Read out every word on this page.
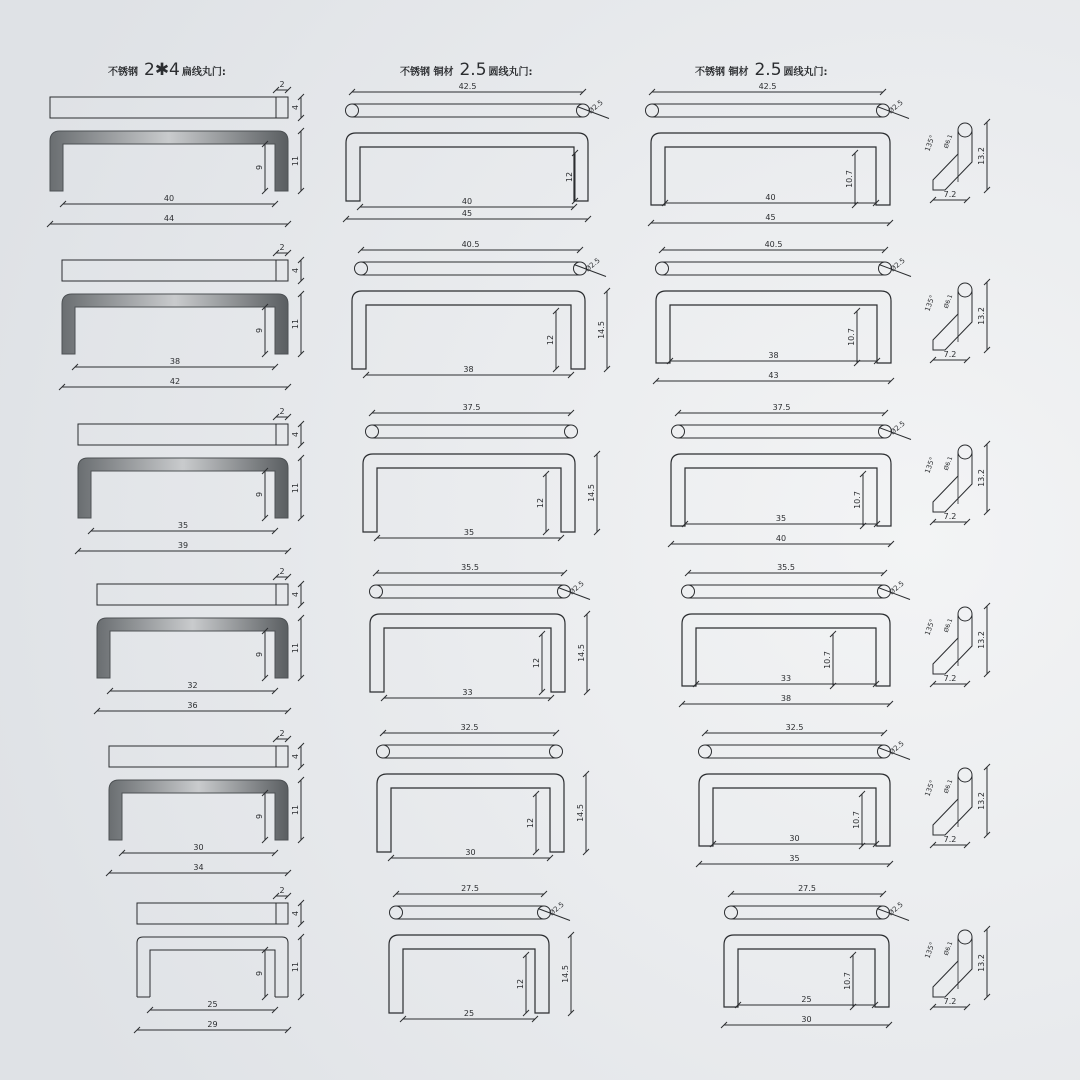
不锈钢 2✱4 扁线丸门:	不锈钢 铜材 2.5 圆线丸门:	不锈钢 铜材 2.5 圆线丸门:
4
2
9
11
40
44
4
2
9
11
38
42
4
2
9
11
35
39
4
2
9
11
32
36
4
2
9
11
30
34
4
2
9
11
25
29
42.5
Ø2.5
12
40
45
40.5
Ø2.5
12
14.5
38
37.5
12
14.5
35
35.5
Ø2.5
12
14.5
33
32.5
12
14.5
30
27.5
Ø2.5
12
14.5
25
42.5
Ø2.5
10.7
40
45
40.5
Ø2.5
10.7
38
43
37.5
Ø2.5
10.7
35
40
35.5
Ø2.5
10.7
33
38
32.5
Ø2.5
10.7
30
35
27.5
Ø2.5
10.7
25
30
135° Ø6.1
13.2
7.2
135° Ø6.1
13.2
7.2
135° Ø6.1
13.2
7.2
135° Ø6.1
13.2
7.2
135° Ø6.1
13.2
7.2
135° Ø6.1
13.2
7.2
